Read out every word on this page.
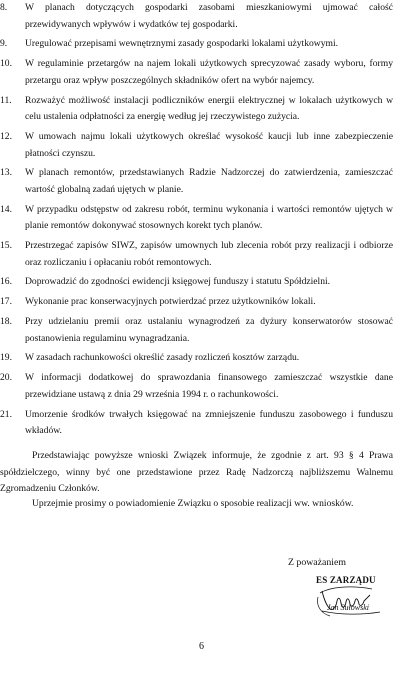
8.	W planach dotyczących gospodarki zasobami mieszkaniowymi ujmować całość przewidywanych wpływów i wydatków tej gospodarki.
9.	Uregulować przepisami wewnętrznymi zasady gospodarki lokalami użytkowymi.
10.	W regulaminie przetargów na najem lokali użytkowych sprecyzować zasady wyboru, formy przetargu oraz wpływ poszczególnych składników ofert na wybór najemcy.
11.	Rozważyć możliwość instalacji podliczników energii elektrycznej w lokalach użytkowych w celu ustalenia odpłatności za energię według jej rzeczywistego zużycia.
12.	W umowach najmu lokali użytkowych określać wysokość kaucji lub inne zabezpieczenie płatności czynszu.
13.	W planach remontów, przedstawianych Radzie Nadzorczej do zatwierdzenia, zamieszczać wartość globalną zadań ujętych w planie.
14.	W przypadku odstępstw od zakresu robót, terminu wykonania i wartości remontów ujętych w planie remontów dokonywać stosownych korekt tych planów.
15.	Przestrzegać zapisów SIWZ, zapisów umownych lub zlecenia robót przy realizacji i odbiorze oraz rozliczaniu i opłacaniu robót remontowych.
16.	Doprowadzić do zgodności ewidencji księgowej funduszy i statutu Spółdzielni.
17.	Wykonanie prac konserwacyjnych potwierdzać przez użytkowników lokali.
18.	Przy udzielaniu premii oraz ustalaniu wynagrodzeń za dyżury konserwatorów stosować postanowienia regulaminu wynagradzania.
19.	W zasadach rachunkowości określić zasady rozliczeń kosztów zarządu.
20.	W informacji dodatkowej do sprawozdania finansowego zamieszczać wszystkie dane przewidziane ustawą z dnia 29 września 1994 r. o rachunkowości.
21.	Umorzenie środków trwałych księgować na zmniejszenie funduszu zasobowego i funduszu wkładów.

Przedstawiając powyższe wnioski Związek informuje, że zgodnie z art. 93 § 4 Prawa spółdzielczego, winny być one przedstawione przez Radę Nadzorczą najbliższemu Walnemu Zgromadzeniu Członków.

Uprzejmie prosimy o powiadomienie Związku o sposobie realizacji ww. wniosków.

Z poważaniem
ES ZARZĄDU
Jan Sułowski
6
